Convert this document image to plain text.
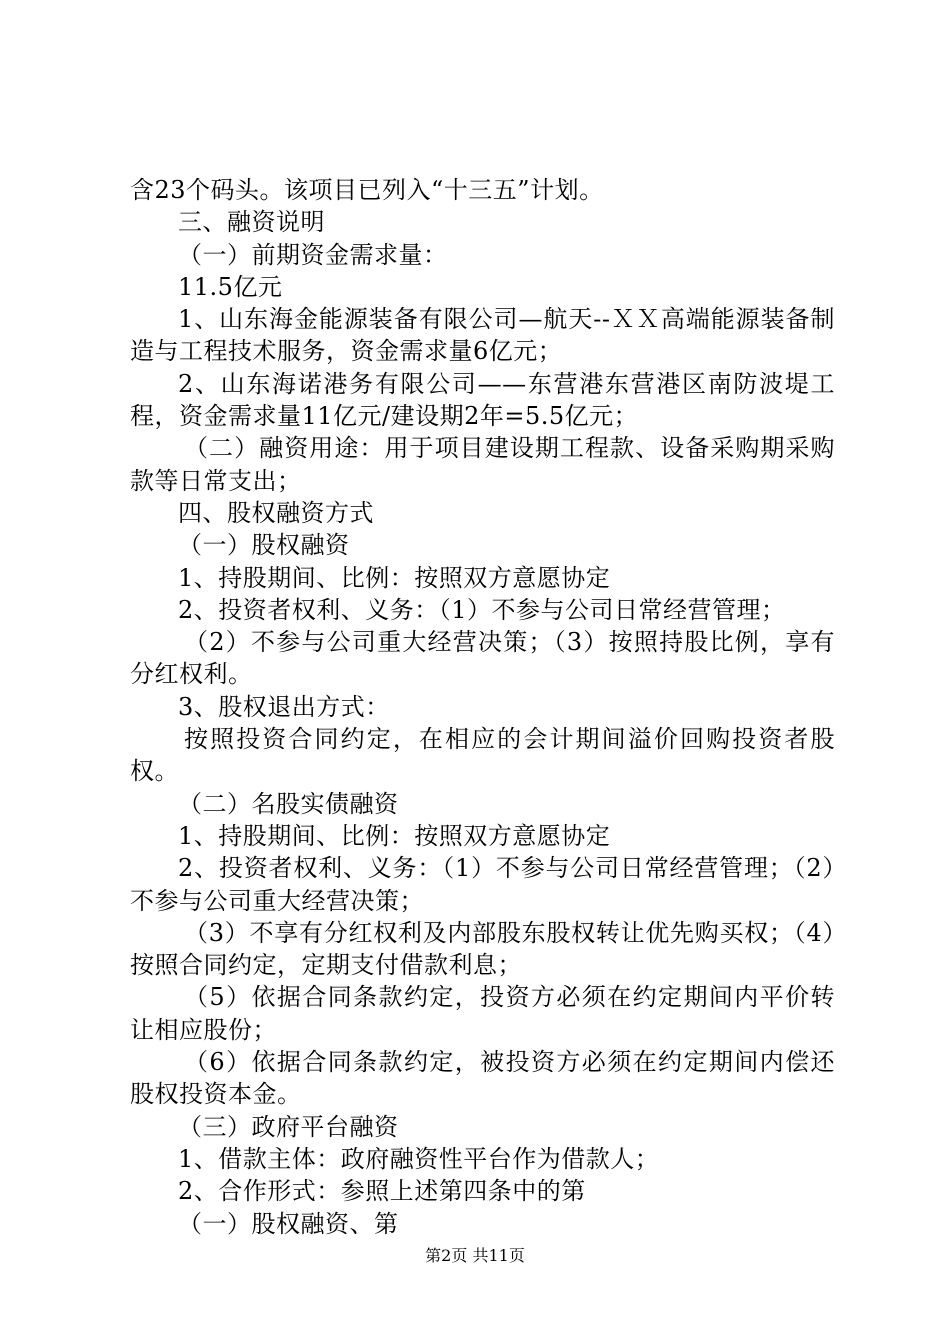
含23个码头。该项目已列入“十三五”计划。

三、融资说明

（一）前期资金需求量：

11.5亿元

1、山东海金能源装备有限公司—航天--ＸＸ高端能源装备制造与工程技术服务，资金需求量6亿元；

2、山东海诺港务有限公司——东营港东营港区南防波堤工程，资金需求量11亿元/建设期2年=5.5亿元；

（二）融资用途：用于项目建设期工程款、设备采购期采购款等日常支出；

四、股权融资方式

（一）股权融资

1、持股期间、比例：按照双方意愿协定

2、投资者权利、义务：（1）不参与公司日常经营管理；

（2）不参与公司重大经营决策；（3）按照持股比例，享有分红权利。

3、股权退出方式：

按照投资合同约定，在相应的会计期间溢价回购投资者股权。

（二）名股实债融资

1、持股期间、比例：按照双方意愿协定

2、投资者权利、义务：（1）不参与公司日常经营管理；（2）不参与公司重大经营决策；

（3）不享有分红权利及内部股东股权转让优先购买权；（4）按照合同约定，定期支付借款利息；

（5）依据合同条款约定，投资方必须在约定期间内平价转让相应股份；

（6）依据合同条款约定，被投资方必须在约定期间内偿还股权投资本金。

（三）政府平台融资

1、借款主体：政府融资性平台作为借款人；

2、合作形式：参照上述第四条中的第

（一）股权融资、第

第2页 共11页
